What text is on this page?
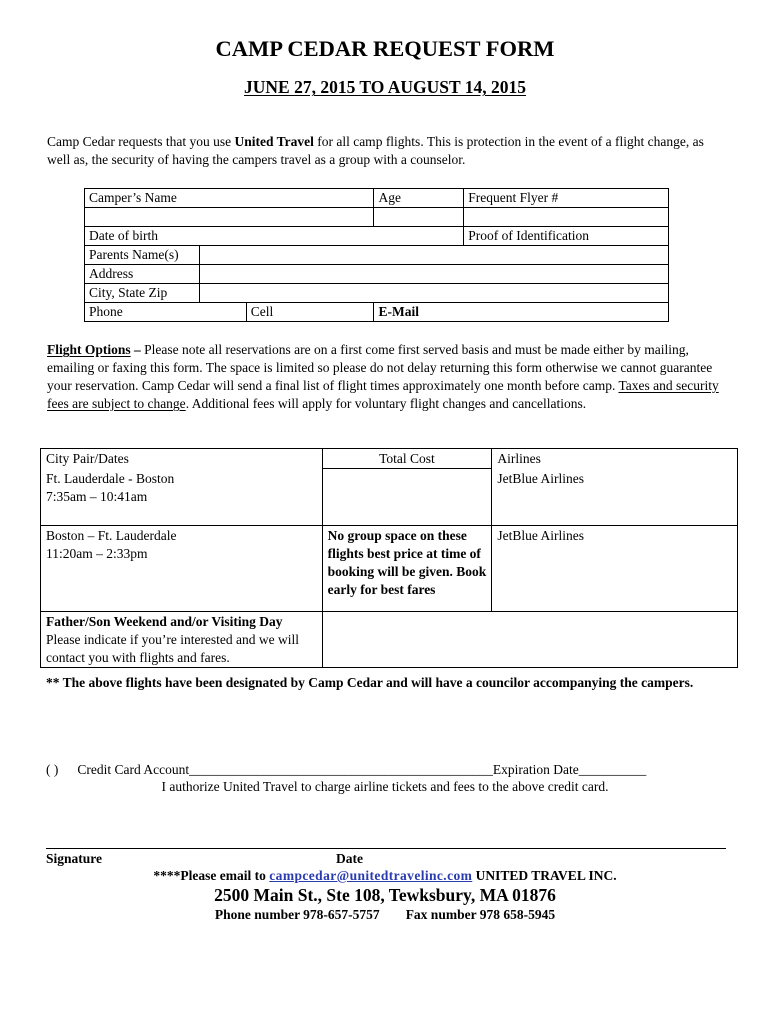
CAMP CEDAR REQUEST FORM
JUNE 27, 2015 TO AUGUST 14, 2015
Camp Cedar requests that you use United Travel for all camp flights. This is protection in the event of a flight change, as well as, the security of having the campers travel as a group with a counselor.
Camper’s Name			Age	Frequent Flyer #

Date of birth				Proof of Identification
Parents Name(s)				
Address				
City, State Zip				
Phone		Cell	E-Mail	
Flight Options – Please note all reservations are on a first come first served basis and must be made either by mailing, emailing or faxing this form. The space is limited so please do not delay returning this form otherwise we cannot guarantee your reservation. Camp Cedar will send a final list of flight times approximately one month before camp. Taxes and security fees are subject to change. Additional fees will apply for voluntary flight changes and cancellations.
City Pair/Dates	Total Cost	Airlines

Ft. Lauderdale - Boston
7:35am – 10:41am		JetBlue Airlines

Boston – Ft. Lauderdale
11:20am – 2:33pm	No group space on these flights best price at time of booking will be given. Book early for best fares	JetBlue Airlines

Father/Son Weekend and/or Visiting Day
Please indicate if you’re interested and we will contact you with flights and fares.		

** The above flights have been designated by Camp Cedar and will have a councilor accompanying the campers.
( ) Credit Card Account_____________________________________________Expiration Date__________
I authorize United Travel to charge airline tickets and fees to the above credit card.
Signature	Date
****Please email to campcedar@unitedtravelinc.com UNITED TRAVEL INC.
2500 Main St., Ste 108, Tewksbury, MA 01876
Phone number 978-657-5757 Fax number 978 658-5945
